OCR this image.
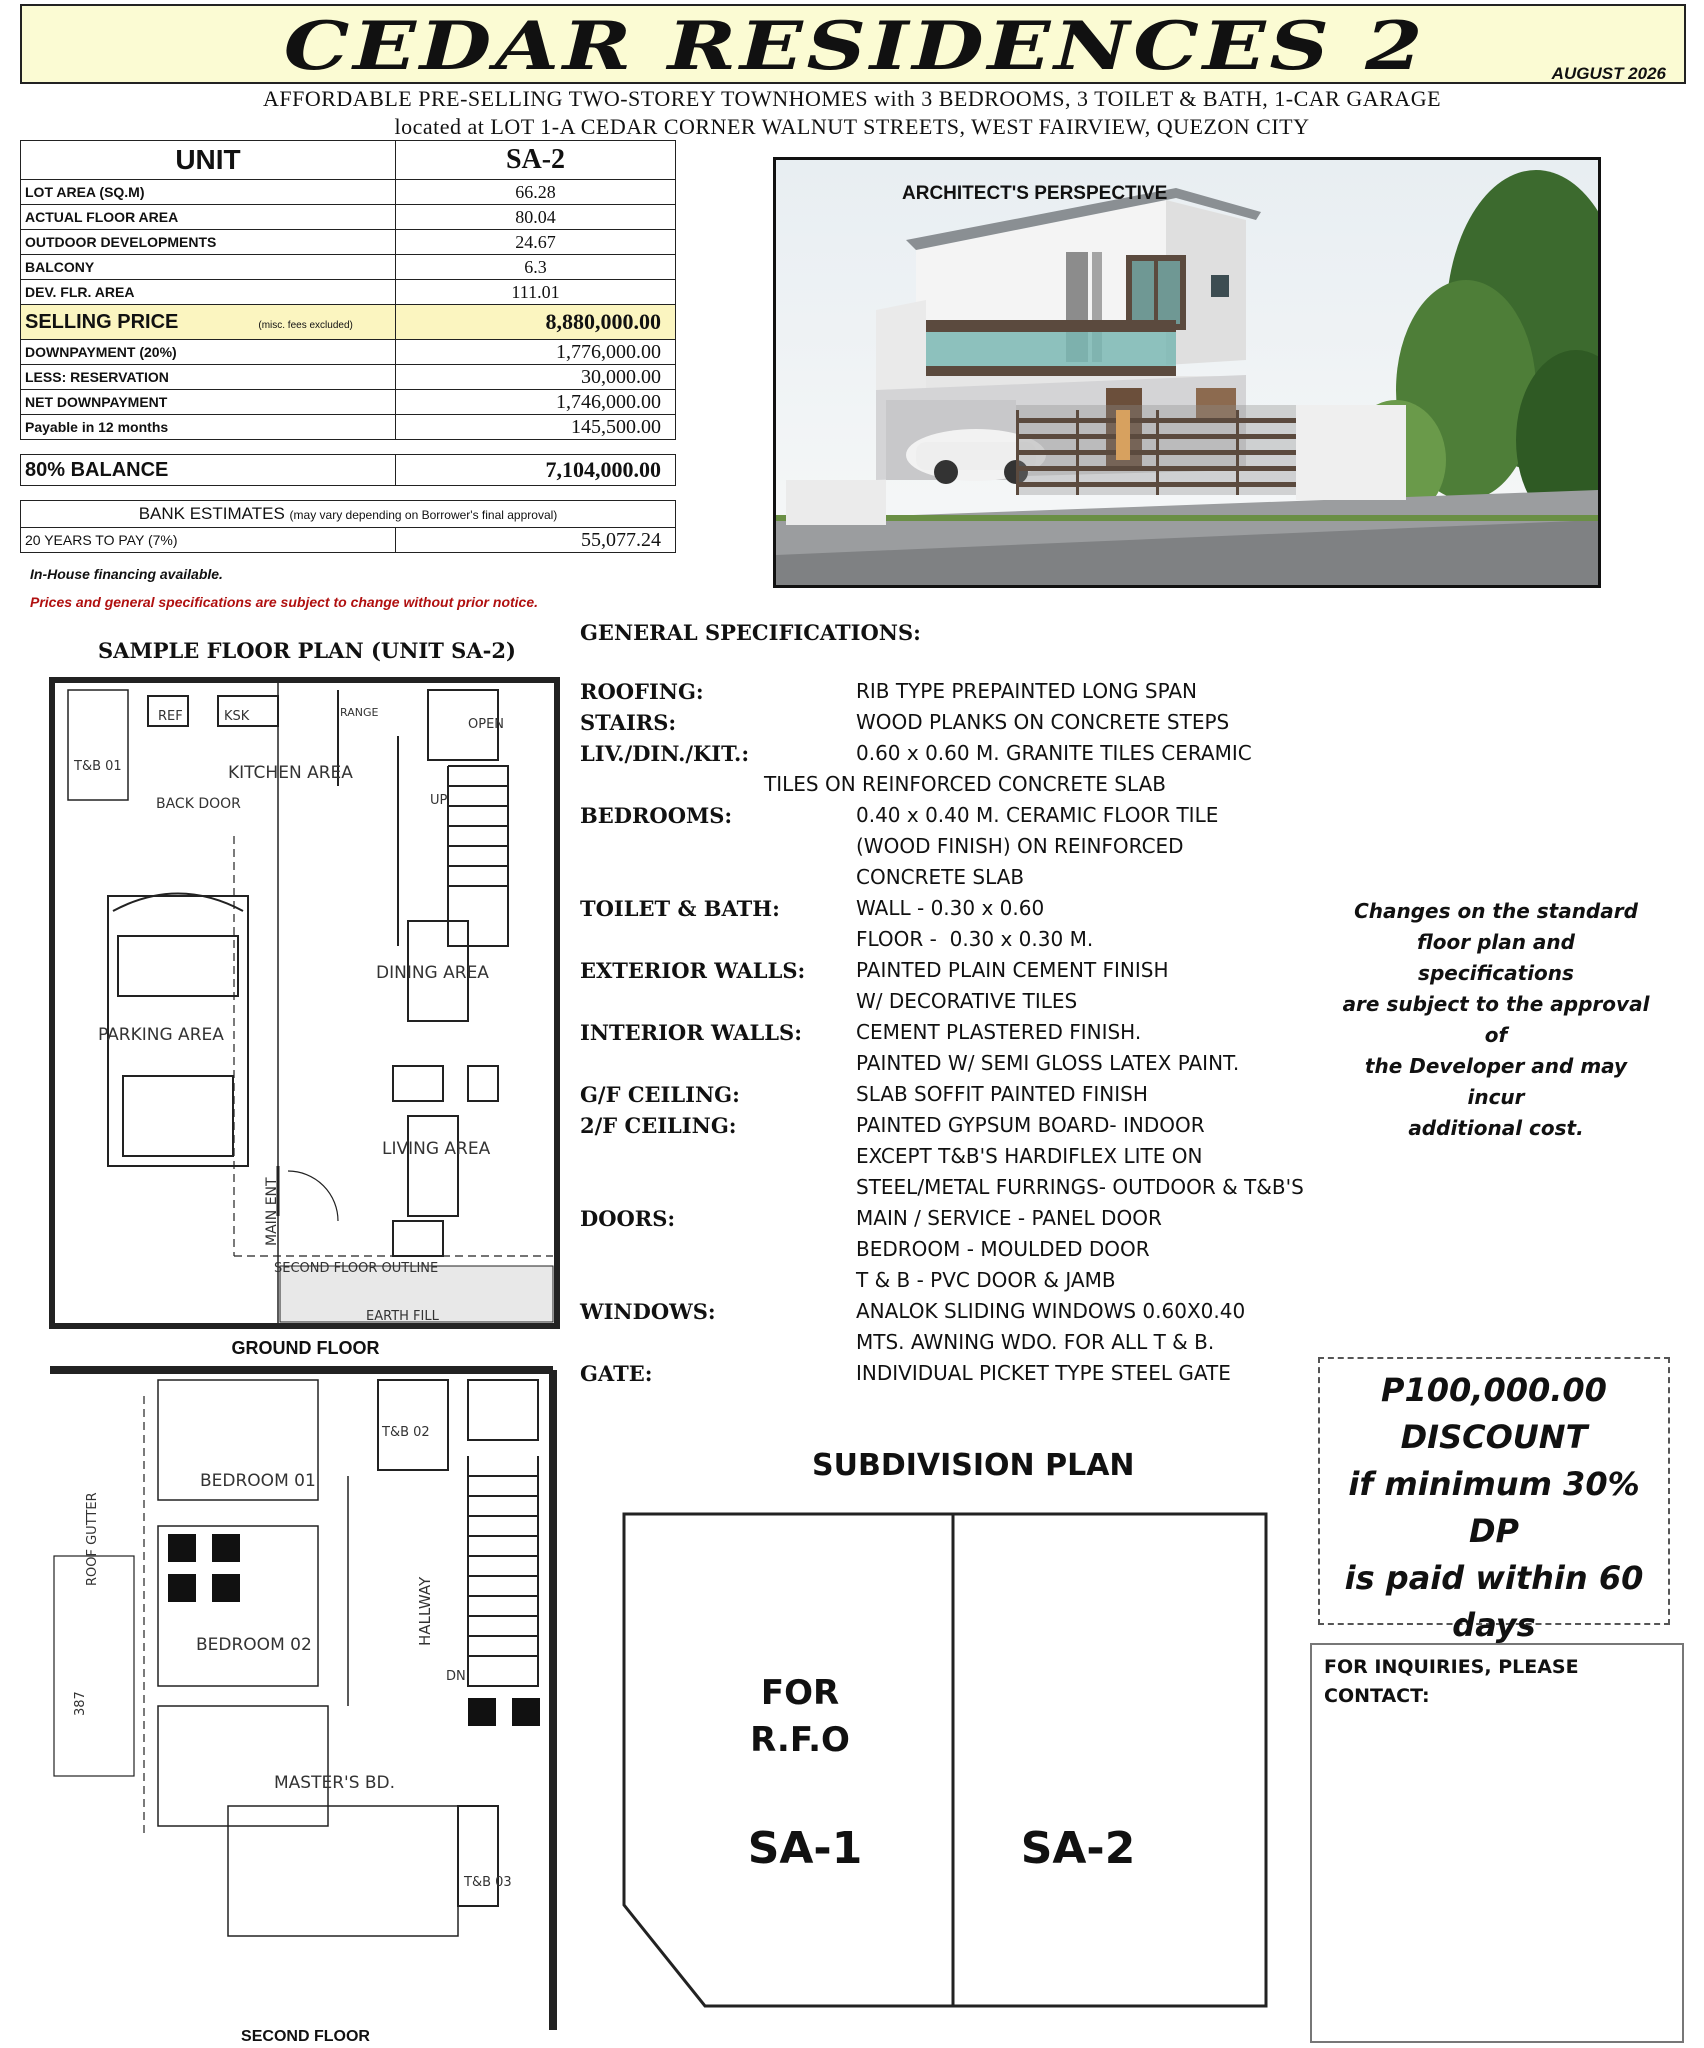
CEDAR RESIDENCES 2	AUGUST 2026
AFFORDABLE PRE-SELLING TWO-STOREY TOWNHOMES with 3 BEDROOMS, 3 TOILET & BATH, 1-CAR GARAGE
located at LOT 1-A CEDAR CORNER WALNUT STREETS, WEST FAIRVIEW, QUEZON CITY
UNIT	SA-2
LOT AREA (SQ.M)	66.28
ACTUAL FLOOR AREA	80.04
OUTDOOR DEVELOPMENTS	24.67
BALCONY	6.3
DEV. FLR. AREA	111.01
SELLING PRICE (misc. fees excluded)	8,880,000.00
DOWNPAYMENT (20%)	1,776,000.00
LESS: RESERVATION	30,000.00
NET DOWNPAYMENT	1,746,000.00
Payable in 12 months	145,500.00

80% BALANCE	7,104,000.00

BANK ESTIMATES (may vary depending on Borrower's final approval)	
20 YEARS TO PAY (7%)	55,077.24
In-House financing available.
Prices and general specifications are subject to change without prior notice.
ARCHITECT'S PERSPECTIVE
SAMPLE FLOOR PLAN (UNIT SA-2)
KITCHEN AREA
REF	KSK	RANGE
OPEN
T&B 01
BACK DOOR	UP
DINING AREA
PARKING AREA
LIVING AREA
MAIN ENT
SECOND FLOOR OUTLINE
EARTH FILL
GROUND FLOOR
BEDROOM 01
BEDROOM 02
MASTER'S BD.
T&B 02
T&B 03
HALLWAY
DN
ROOF GUTTER
387
SECOND FLOOR
GENERAL SPECIFICATIONS:
ROOFING:	RIB TYPE PREPAINTED LONG SPAN
STAIRS:	WOOD PLANKS ON CONCRETE STEPS
LIV./DIN./KIT.:	0.60 x 0.60 M. GRANITE TILES CERAMIC
TILES ON REINFORCED CONCRETE SLAB
BEDROOMS:	0.40 x 0.40 M. CERAMIC FLOOR TILE
(WOOD FINISH) ON REINFORCED
CONCRETE SLAB
TOILET & BATH:	WALL - 0.30 x 0.60
FLOOR -  0.30 x 0.30 M.
EXTERIOR WALLS:	PAINTED PLAIN CEMENT FINISH
W/ DECORATIVE TILES
INTERIOR WALLS:	CEMENT PLASTERED FINISH.
PAINTED W/ SEMI GLOSS LATEX PAINT.
G/F CEILING:	SLAB SOFFIT PAINTED FINISH
2/F CEILING:	PAINTED GYPSUM BOARD- INDOOR
EXCEPT T&B'S HARDIFLEX LITE ON
STEEL/METAL FURRINGS- OUTDOOR & T&B'S
DOORS:	MAIN / SERVICE - PANEL DOOR
BEDROOM - MOULDED DOOR
T & B - PVC DOOR & JAMB
WINDOWS:	ANALOK SLIDING WINDOWS 0.60X0.40
MTS. AWNING WDO. FOR ALL T & B.
GATE:	INDIVIDUAL PICKET TYPE STEEL GATE
Changes on the standard
floor plan and specifications
are subject to the approval of
the Developer and may incur
additional cost.
P100,000.00
DISCOUNT
if minimum 30% DP
is paid within 60
days
FOR INQUIRIES, PLEASE
CONTACT:
SUBDIVISION PLAN
FOR
R.F.O
SA-1	SA-2
